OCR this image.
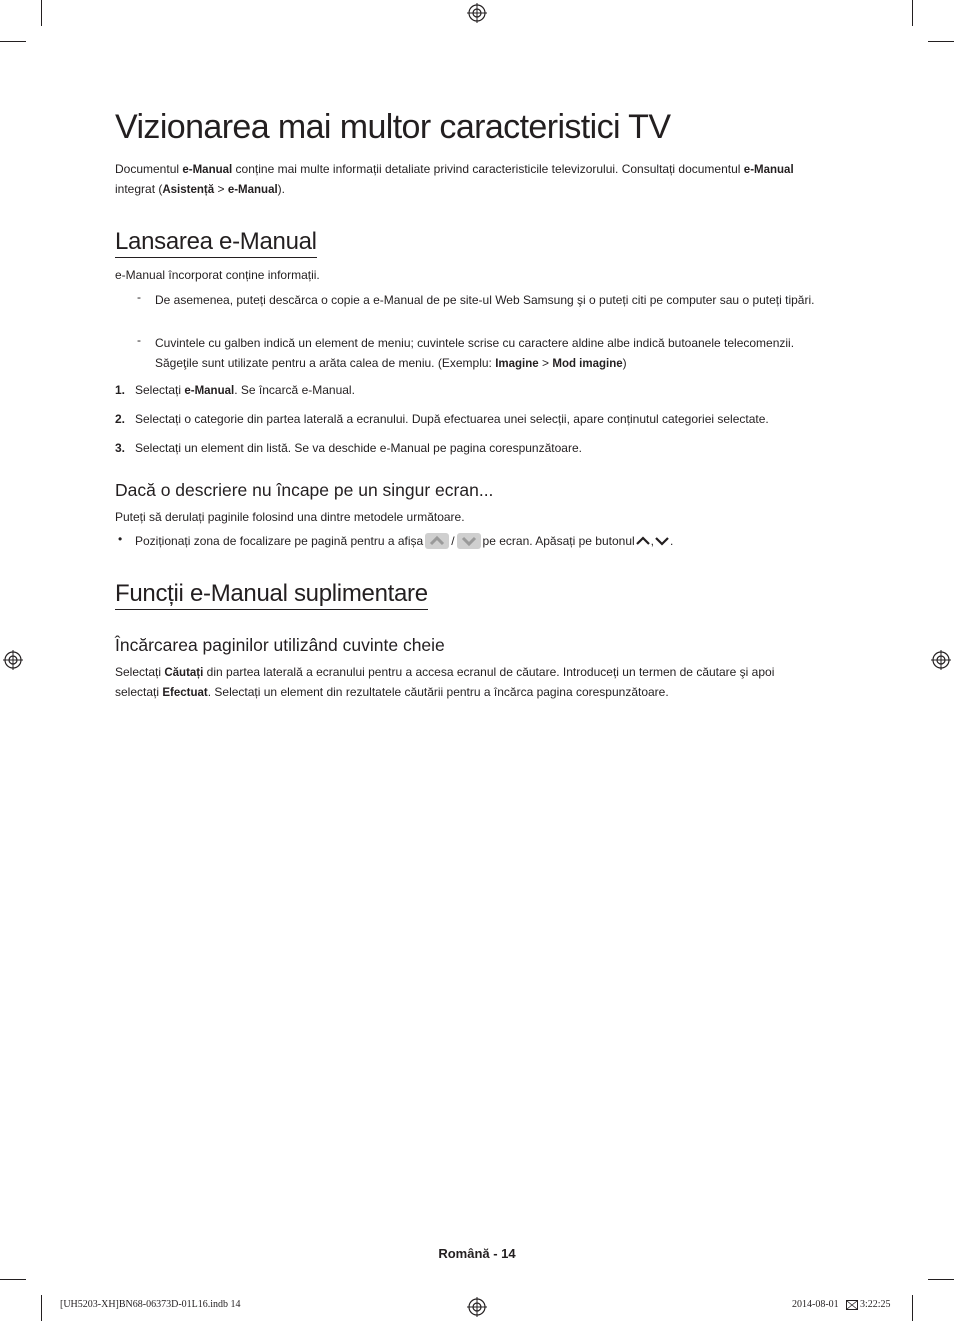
Vizionarea mai multor caracteristici TV

Documentul e-Manual conține mai multe informații detaliate privind caracteristicile televizorului. Consultați documentul e-Manual

integrat (Asistență > e-Manual).

Lansarea e-Manual

e-Manual încorporat conține informații.

- De asemenea, puteți descărca o copie a e-Manual de pe site-ul Web Samsung şi o puteți citi pe computer sau o puteți tipări.
- Cuvintele cu galben indică un element de meniu; cuvintele scrise cu caractere aldine albe indică butoanele telecomenzii. Săgeţile sunt utilizate pentru a arăta calea de meniu. (Exemplu: Imagine > Mod imagine)
1. Selectați e-Manual. Se încarcă e-Manual.
2. Selectați o categorie din partea laterală a ecranului. După efectuarea unei selecții, apare conținutul categoriei selectate.
3. Selectați un element din listă. Se va deschide e-Manual pe pagina corespunzătoare.
Dacă o descriere nu încape pe un singur ecran...

Puteți să derulați paginile folosind una dintre metodele următoare.

• Poziționați zona de focalizare pe pagină pentru a afișa / pe ecran. Apăsați pe butonul , .
Funcții e-Manual suplimentare
Încărcarea paginilor utilizând cuvinte cheie

Selectați Căutați din partea laterală a ecranului pentru a accesa ecranul de căutare. Introduceți un termen de căutare şi apoi

selectați Efectuat. Selectați un element din rezultatele căutării pentru a încărca pagina corespunzătoare.

Română - 14
[UH5203-XH]BN68-06373D-01L16.indb 14	2014-08-01 3:22:25
